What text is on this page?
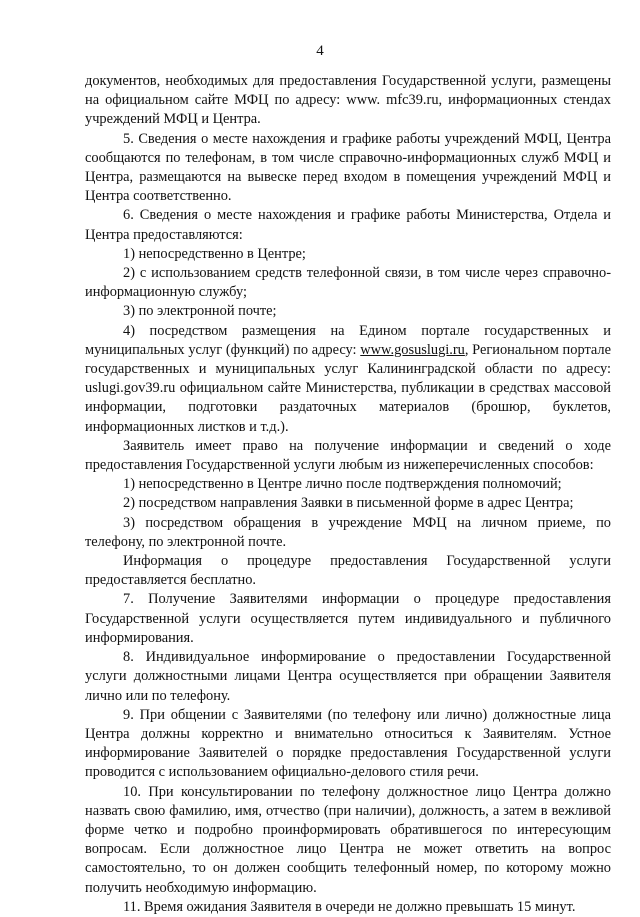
4

документов, необходимых для предоставления Государственной услуги, размещены на официальном сайте МФЦ по адресу: www. mfc39.ru, информационных стендах учреждений МФЦ и Центра.

5. Сведения о месте нахождения и графике работы учреждений МФЦ, Центра сообщаются по телефонам, в том числе справочно-информационных служб МФЦ и Центра, размещаются на вывеске перед входом в помещения учреждений МФЦ и Центра соответственно.

6. Сведения о месте нахождения и графике работы Министерства, Отдела и Центра предоставляются:

1) непосредственно в Центре;

2) с использованием средств телефонной связи, в том числе через справочно-информационную службу;

3) по электронной почте;

4) посредством размещения на Едином портале государственных и муниципальных услуг (функций) по адресу: www.gosuslugi.ru, Региональном портале государственных и муниципальных услуг Калининградской области по адресу: uslugi.gov39.ru официальном сайте Министерства, публикации в средствах массовой информации, подготовки раздаточных материалов (брошюр, буклетов, информационных листков и т.д.).

Заявитель имеет право на получение информации и сведений о ходе предоставления Государственной услуги любым из нижеперечисленных способов:

1) непосредственно в Центре лично после подтверждения полномочий;

2) посредством направления Заявки в письменной форме в адрес Центра;

3) посредством обращения в учреждение МФЦ на личном приеме, по телефону, по электронной почте.

Информация о процедуре предоставления Государственной услуги предоставляется бесплатно.

7. Получение Заявителями информации о процедуре предоставления Государственной услуги осуществляется путем индивидуального и публичного информирования.

8. Индивидуальное информирование о предоставлении Государственной услуги должностными лицами Центра осуществляется при обращении Заявителя лично или по телефону.

9. При общении с Заявителями (по телефону или лично) должностные лица Центра должны корректно и внимательно относиться к Заявителям. Устное информирование Заявителей о порядке предоставления Государственной услуги проводится с использованием официально-делового стиля речи.

10. При консультировании по телефону должностное лицо Центра должно назвать свою фамилию, имя, отчество (при наличии), должность, а затем в вежливой форме четко и подробно проинформировать обратившегося по интересующим вопросам. Если должностное лицо Центра не может ответить на вопрос самостоятельно, то он должен сообщить телефонный номер, по которому можно получить необходимую информацию.

11. Время ожидания Заявителя в очереди не должно превышать 15 минут.
